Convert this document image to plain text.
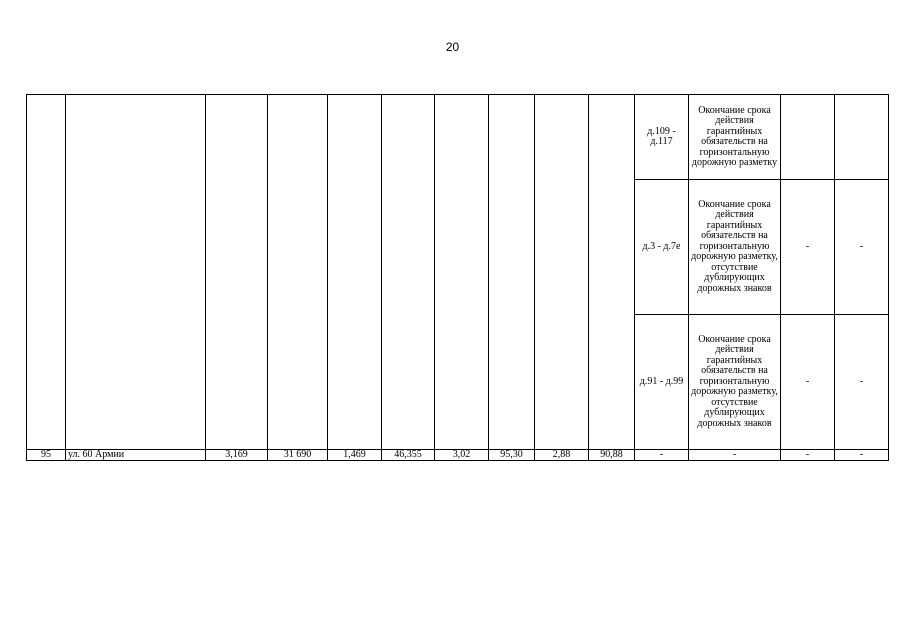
20
										д.109 - д.117	Окончание срока действия гарантийных обязательств на горизонтальную дорожную разметку		
										д.3 - д.7е	Окончание срока действия гарантийных обязательств на горизонтальную дорожную разметку, отсутствие дублирующих дорожных знаков	-	-
										д.91 - д.99	Окончание срока действия гарантийных обязательств на горизонтальную дорожную разметку, отсутствие дублирующих дорожных знаков	-	-
95	ул. 60 Армии	3,169	31 690	1,469	46,355	3,02	95,30	2,88	90,88	-	-	-	-
